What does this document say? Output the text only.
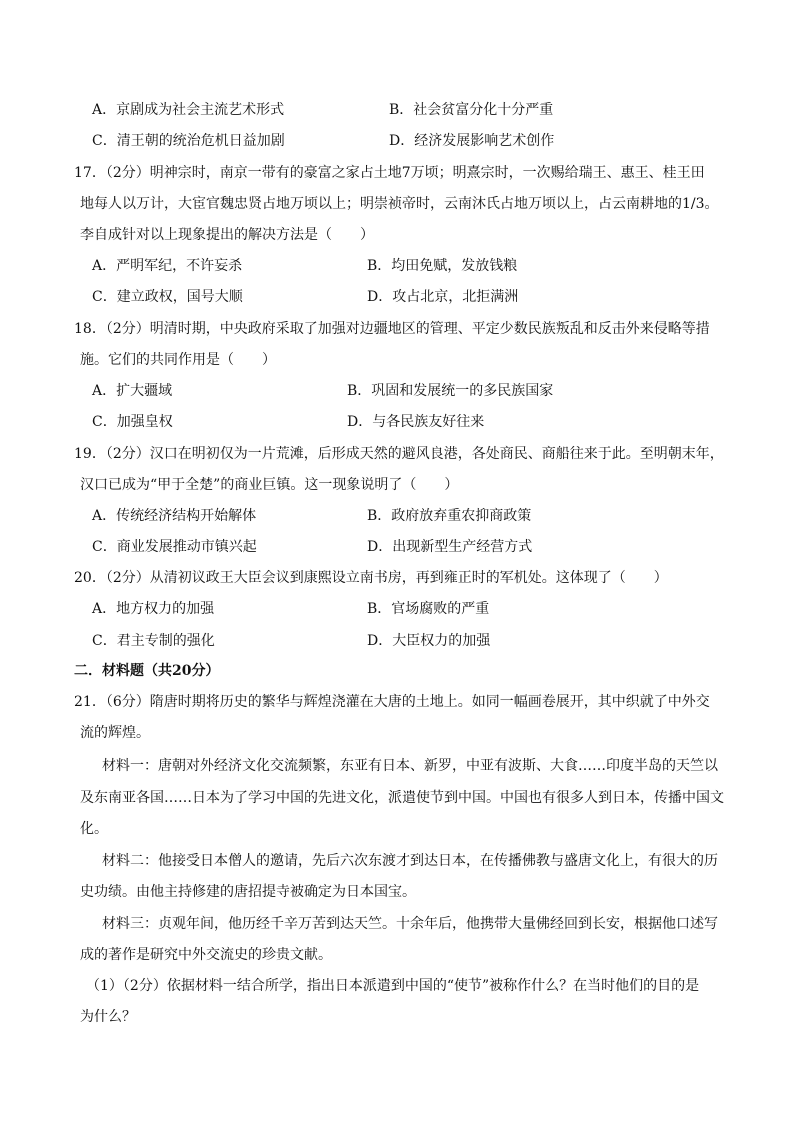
A．京剧成为社会主流艺术形式	B．社会贫富分化十分严重
C．清王朝的统治危机日益加剧	D．经济发展影响艺术创作
17．（2分）明神宗时，南京一带有的豪富之家占土地7万顷；明熹宗时，一次赐给瑞王、惠王、桂王田
地每人以万计，大宦官魏忠贤占地万顷以上；明崇祯帝时，云南沐氏占地万顷以上，占云南耕地的1/3。
李自成针对以上现象提出的解决方法是（　　）
A．严明军纪，不许妄杀	B．均田免赋，发放钱粮
C．建立政权，国号大顺	D．攻占北京，北拒满洲
18．（2分）明清时期，中央政府采取了加强对边疆地区的管理、平定少数民族叛乱和反击外来侵略等措
施。它们的共同作用是（　　）
A．扩大疆域	B．巩固和发展统一的多民族国家
C．加强皇权	D．与各民族友好往来
19．（2分）汉口在明初仅为一片荒滩，后形成天然的避风良港，各处商民、商船往来于此。至明朝末年，
汉口已成为“甲于全楚”的商业巨镇。这一现象说明了（　　）
A．传统经济结构开始解体	B．政府放弃重农抑商政策
C．商业发展推动市镇兴起	D．出现新型生产经营方式
20．（2分）从清初议政王大臣会议到康熙设立南书房，再到雍正时的军机处。这体现了（　　）
A．地方权力的加强	B．官场腐败的严重
C．君主专制的强化	D．大臣权力的加强
二．材料题（共20分）
21．（6分）隋唐时期将历史的繁华与辉煌浇灌在大唐的土地上。如同一幅画卷展开，其中织就了中外交
流的辉煌。
材料一：唐朝对外经济文化交流频繁，东亚有日本、新罗，中亚有波斯、大食……印度半岛的天竺以
及东南亚各国……日本为了学习中国的先进文化，派遣使节到中国。中国也有很多人到日本，传播中国文
化。
材料二：他接受日本僧人的邀请，先后六次东渡才到达日本，在传播佛教与盛唐文化上，有很大的历
史功绩。由他主持修建的唐招提寺被确定为日本国宝。
材料三：贞观年间，他历经千辛万苦到达天竺。十余年后，他携带大量佛经回到长安，根据他口述写
成的著作是研究中外交流史的珍贵文献。
（1）（2分）依据材料一结合所学，指出日本派遣到中国的“使节”被称作什么？在当时他们的目的是
为什么？
